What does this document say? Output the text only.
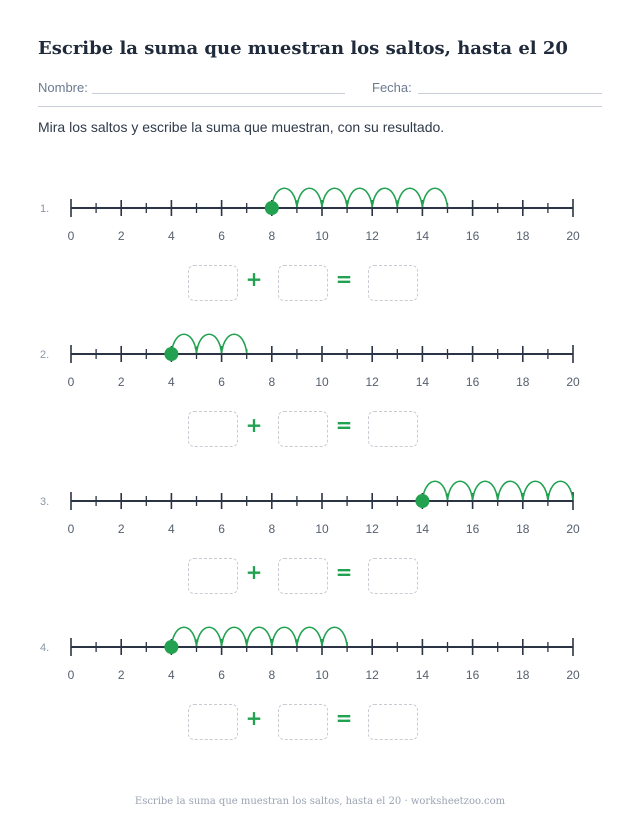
Escribe la suma que muestran los saltos, hasta el 20
Nombre:	Fecha:
Mira los saltos y escribe la suma que muestran, con su resultado.
1.
0	2	4	6	8	10	12	14	16	18	20
+	=
2.
0	2	4	6	8	10	12	14	16	18	20
+	=
3.
0	2	4	6	8	10	12	14	16	18	20
+	=
4.
0	2	4	6	8	10	12	14	16	18	20
+	=
Escribe la suma que muestran los saltos, hasta el 20 · worksheetzoo.com
